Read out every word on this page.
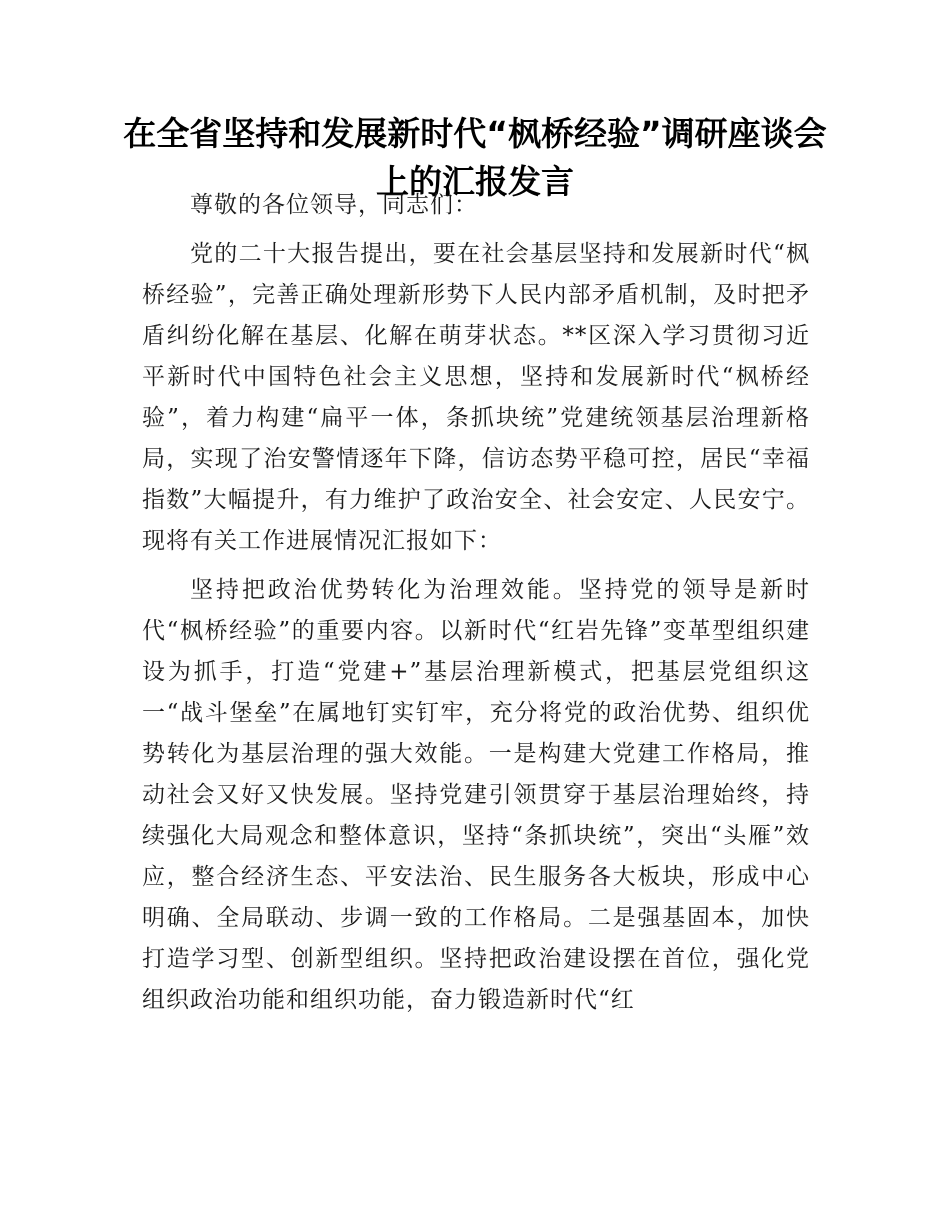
在全省坚持和发展新时代“枫桥经验”调研座谈会上的汇报发言

尊敬的各位领导，同志们：

党的二十大报告提出，要在社会基层坚持和发展新时代“枫桥经验”，完善正确处理新形势下人民内部矛盾机制，及时把矛盾纠纷化解在基层、化解在萌芽状态。**区深入学习贯彻习近平新时代中国特色社会主义思想，坚持和发展新时代“枫桥经验”，着力构建“扁平一体，条抓块统”党建统领基层治理新格局，实现了治安警情逐年下降，信访态势平稳可控，居民“幸福指数”大幅提升，有力维护了政治安全、社会安定、人民安宁。现将有关工作进展情况汇报如下：

坚持把政治优势转化为治理效能。坚持党的领导是新时代“枫桥经验”的重要内容。以新时代“红岩先锋”变革型组织建设为抓手，打造“党建+”基层治理新模式，把基层党组织这一“战斗堡垒”在属地钉实钉牢，充分将党的政治优势、组织优势转化为基层治理的强大效能。一是构建大党建工作格局，推动社会又好又快发展。坚持党建引领贯穿于基层治理始终，持续强化大局观念和整体意识，坚持“条抓块统”，突出“头雁”效应，整合经济生态、平安法治、民生服务各大板块，形成中心明确、全局联动、步调一致的工作格局。二是强基固本，加快打造学习型、创新型组织。坚持把政治建设摆在首位，强化党组织政治功能和组织功能，奋力锻造新时代“红
